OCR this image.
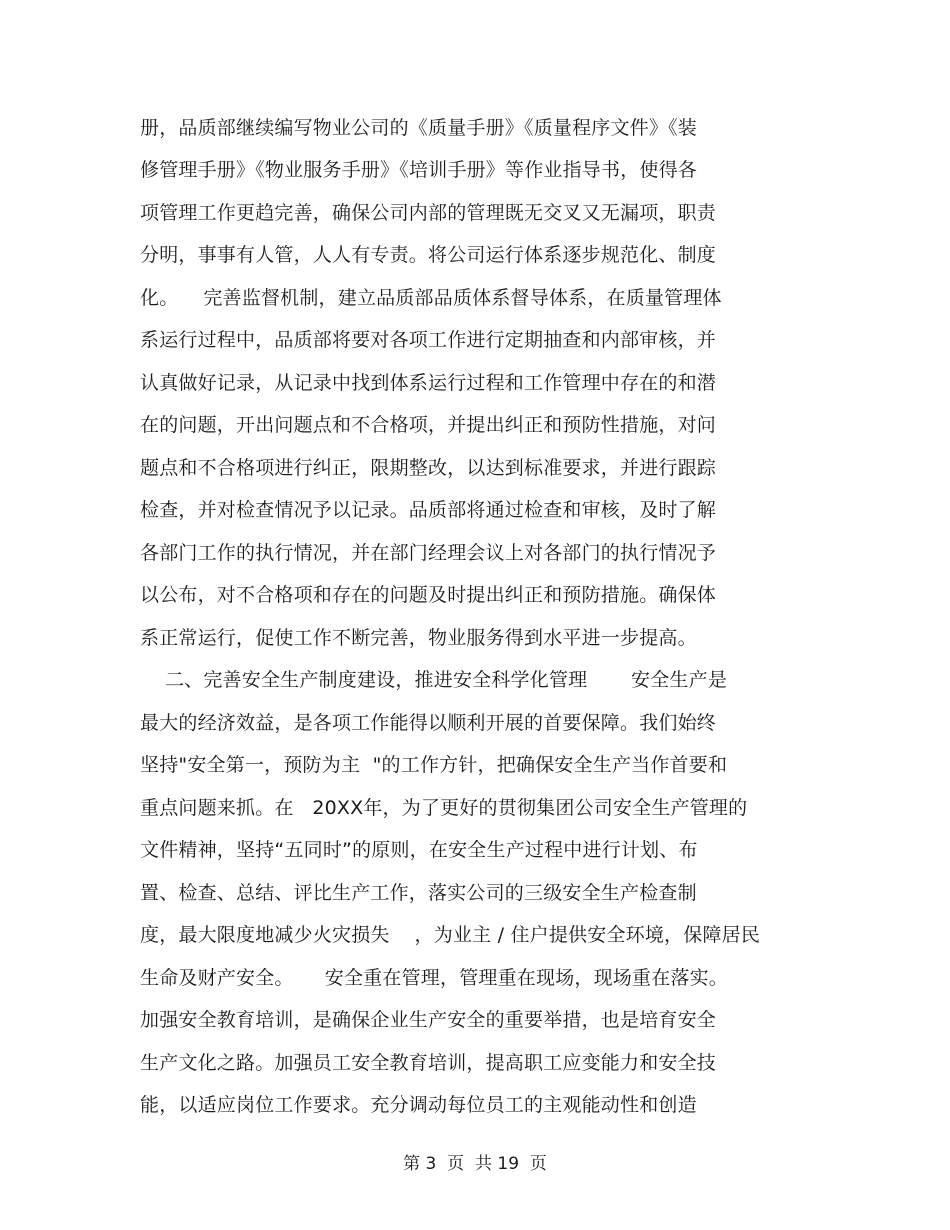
册，品质部继续编写物业公司的《质量手册》《质量程序文件》《装
修管理手册》《物业服务手册》《培训手册》等作业指导书，使得各
项管理工作更趋完善，确保公司内部的管理既无交叉又无漏项，职责
分明，事事有人管，人人有专责。将公司运行体系逐步规范化、制度
化。    完善监督机制，建立品质部品质体系督导体系，在质量管理体
系运行过程中，品质部将要对各项工作进行定期抽查和内部审核，并
认真做好记录，从记录中找到体系运行过程和工作管理中存在的和潜
在的问题，开出问题点和不合格项，并提出纠正和预防性措施，对问
题点和不合格项进行纠正，限期整改，以达到标准要求，并进行跟踪
检查，并对检查情况予以记录。品质部将通过检查和审核，及时了解
各部门工作的执行情况，并在部门经理会议上对各部门的执行情况予
以公布，对不合格项和存在的问题及时提出纠正和预防措施。确保体
系正常运行，促使工作不断完善，物业服务得到水平进一步提高。
二、完善安全生产制度建设，推进安全科学化管理       安全生产是
最大的经济效益，是各项工作能得以顺利开展的首要保障。我们始终
坚持"安全第一，预防为主  "的工作方针，把确保安全生产当作首要和
重点问题来抓。在   20XX年，为了更好的贯彻集团公司安全生产管理的
文件精神，坚持“五同时”的原则，在安全生产过程中进行计划、布
置、检查、总结、评比生产工作，落实公司的三级安全生产检查制
度，最大限度地减少火灾损失    ，为业主 / 住户提供安全环境，保障居民
生命及财产安全。     安全重在管理，管理重在现场，现场重在落实。
加强安全教育培训，是确保企业生产安全的重要举措，也是培育安全
生产文化之路。加强员工安全教育培训，提高职工应变能力和安全技
能，以适应岗位工作要求。充分调动每位员工的主观能动性和创造
第 3  页  共 19  页
